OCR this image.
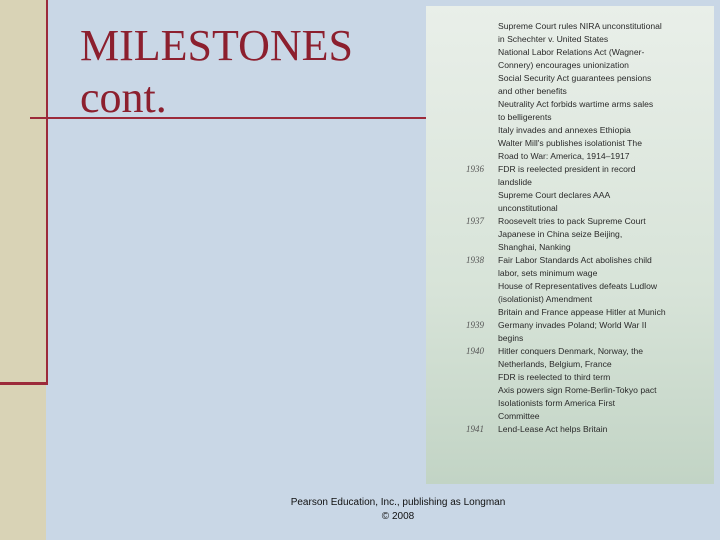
MILESTONES
cont.
Supreme Court rules NIRA unconstitutional
in Schechter v. United States
National Labor Relations Act (Wagner-
Connery) encourages unionization
Social Security Act guarantees pensions
and other benefits
Neutrality Act forbids wartime arms sales
to belligerents
Italy invades and annexes Ethiopia
Walter Mill's publishes isolationist The
Road to War: America, 1914–1917
1936	FDR is reelected president in record
landslide
Supreme Court declares AAA
unconstitutional
1937	Roosevelt tries to pack Supreme Court
Japanese in China seize Beijing,
Shanghai, Nanking
1938	Fair Labor Standards Act abolishes child
labor, sets minimum wage
House of Representatives defeats Ludlow
(isolationist) Amendment
Britain and France appease Hitler at Munich
1939	Germany invades Poland; World War II
begins
1940	Hitler conquers Denmark, Norway, the
Netherlands, Belgium, France
FDR is reelected to third term
Axis powers sign Rome-Berlin-Tokyo pact
Isolationists form America First
Committee
1941	Lend-Lease Act helps Britain
Pearson Education, Inc., publishing as Longman
© 2008
